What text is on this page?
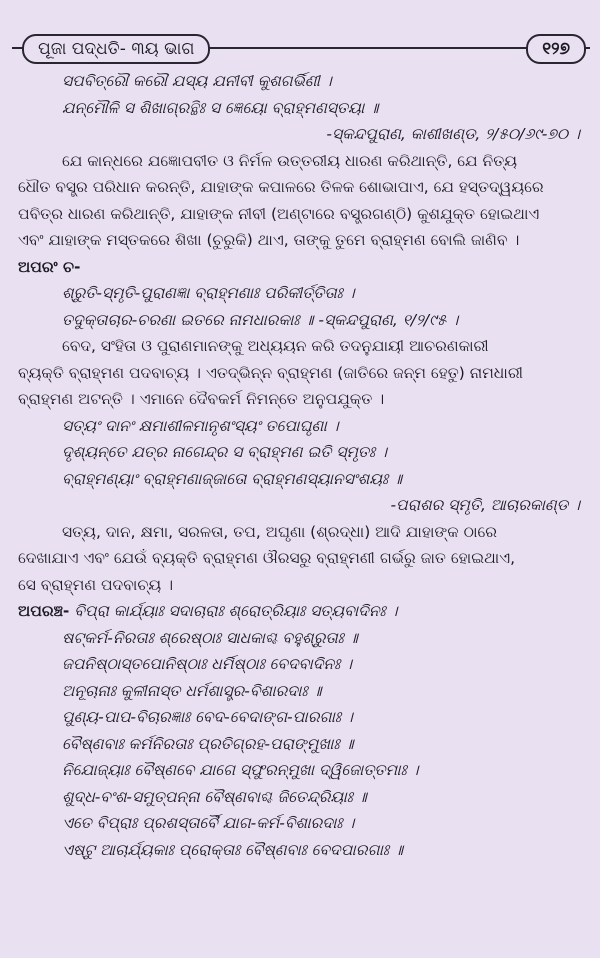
ପୂଜା ପଦ୍ଧତି- ୩ୟ ଭାଗ	୧୨୭
ସପବିତ୍ରୌ କରୌ ଯସ୍ୟ ଯନୀବୀ କୁଶଗର୍ଭିଣୀ ।
ଯନ୍ମୌଳି ସ ଶିଖାଗ୍ରନ୍ଥିଃ ସ ଜ୍ଞେୟୋ ବ୍ରାହ୍ମଣସ୍ତୟା ॥
-ସ୍କନ୍ଦପୁରାଣ, କାଶୀଖଣ୍ଡ, ୨/୫୦/୬୯-୭୦ ।
ଯେ କାନ୍ଧରେ ଯଜ୍ଞୋପବୀତ ଓ ନିର୍ମଳ ଉତ୍ତରୀୟ ଧାରଣ କରିଥାନ୍ତି, ଯେ ନିତ୍ୟ
ଧୌତ ବସ୍ତ୍ର ପରିଧାନ କରନ୍ତି, ଯାହାଙ୍କ କପାଳରେ ତିଳକ ଶୋଭାପାଏ, ଯେ ହସ୍ତଦ୍ୱୟରେ
ପବିତ୍ର ଧାରଣ କରିଥାନ୍ତି, ଯାହାଙ୍କ ନୀବୀ (ଅଣ୍ଟାରେ ବସ୍ତ୍ରଗଣ୍ଠି) କୁଶଯୁକ୍ତ ହୋଇଥାଏ
ଏବଂ ଯାହାଙ୍କ ମସ୍ତକରେ ଶିଖା (ଚୁରୁକି) ଥାଏ, ତାଙ୍କୁ ତୁମେ ବ୍ରାହ୍ମଣ ବୋଲି ଜାଣିବ ।
ଅପରଂ ଚ-
ଶ୍ରୁତି-ସ୍ମୃତି-ପୁରାଣଜ୍ଞା ବ୍ରାହ୍ମଣାଃ ପରିକୀର୍ତ୍ତିତାଃ ।
ତଦୁକ୍ତାଚାର-ଚରଣା ଇତରେ ନାମଧାରକାଃ ॥ -ସ୍କନ୍ଦପୁରାଣ, ୧/୨/୯୫ ।
ବେଦ, ସଂହିତା ଓ ପୁରାଣମାନଙ୍କୁ ଅଧ୍ୟୟନ କରି ତଦନୁଯାୟୀ ଆଚରଣକାରୀ
ବ୍ୟକ୍ତି ବ୍ରାହ୍ମଣ ପଦବାଚ୍ୟ । ଏତଦ୍‌ଭିନ୍ନ ବ୍ରାହ୍ମଣ (ଜାତିରେ ଜନ୍ମ ହେତୁ) ନାମଧାରୀ
ବ୍ରାହ୍ମଣ ଅଟନ୍ତି । ଏମାନେ ଦୈବକର୍ମ ନିମନ୍ତେ ଅନୁପଯୁକ୍ତ ।
ସତ୍ୟଂ ଦାନଂ କ୍ଷମାଶୀଳମାନୃଶଂସ୍ୟଂ ତପୋଘୃଣା ।
ଦୃଶ୍ୟନ୍ତେ ଯତ୍ର ନାଗେନ୍ଦ୍ର ସ ବ୍ରାହ୍ମଣ ଇତି ସ୍ମୃତଃ ।
ବ୍ରାହ୍ମଣ୍ୟାଂ ବ୍ରାହ୍ମଣାଜ୍ଜାତୋ ବ୍ରାହ୍ମଣସ୍ୟାନସଂଶୟଃ ॥
-ପରାଶର ସ୍ମୃତି, ଆଚାରକାଣ୍ଡ ।
ସତ୍ୟ, ଦାନ, କ୍ଷମା, ସରଳତା, ତପ, ଅଘୃଣା (ଶ୍ରଦ୍ଧା) ଆଦି ଯାହାଙ୍କ ଠାରେ
ଦେଖାଯାଏ ଏବଂ ଯେଉଁ ବ୍ୟକ୍ତି ବ୍ରାହ୍ମଣ ଔରସରୁ ବ୍ରାହ୍ମଣୀ ଗର୍ଭରୁ ଜାତ ହୋଇଥାଏ,
ସେ ବ୍ରାହ୍ମଣ ପଦବାଚ୍ୟ ।
ଅପରଞ୍ଚ- ବିପ୍ରା କାର୍ଯ୍ୟାଃ ସଦାଚାରାଃ ଶ୍ରୋତ୍ରିୟାଃ ସତ୍ୟବାଦିନଃ ।
ଷଟ୍‌କର୍ମ-ନିରତାଃ ଶ୍ରେଷ୍ଠାଃ ସାଧକାଶ୍ଚ ବହୁଶ୍ରୁତାଃ ॥
ଜପନିଷ୍ଠାସ୍ତପୋନିଷ୍ଠାଃ ଧର୍ମିଷ୍ଠାଃ ବେଦବାଦିନଃ ।
ଅନୂଚାନାଃ କୁଳୀନାସ୍ତ ଧର୍ମଶାସ୍ତ୍ର-ବିଶାରଦାଃ ॥
ପୁଣ୍ୟ-ପାପ-ବିଚାରଜ୍ଞାଃ ବେଦ-ବେଦାଙ୍ଗ-ପାରଗାଃ ।
ବୈଷ୍ଣବାଃ କର୍ମନିରତାଃ ପ୍ରତିଗ୍ରହ-ପରାଙ୍ମୁଖାଃ ॥
ନିଯୋଜ୍ୟାଃ ବୈଷ୍ଣବେ ଯାଗେ ସ୍ଫୁରନ୍ମୁଖା ଦ୍ୱିଜୋତ୍ତମାଃ ।
ଶୁଦ୍ଧ-ବଂଶ-ସମୁତ୍ପନ୍ନା ବୈଷ୍ଣବାଶ୍ଚ ଜିତେନ୍ଦ୍ରିୟାଃ ॥
ଏତେ ବିପ୍ରାଃ ପ୍ରଶସ୍ତାର୍ବୈ ଯାଗ-କର୍ମ-ବିଶାରଦାଃ ।
ଏଷ୍ଟୁ ଆଚାର୍ଯ୍ୟକାଃ ପ୍ରୋକ୍ତାଃ ବୈଷ୍ଣବାଃ ବେଦପାରଗାଃ ॥
